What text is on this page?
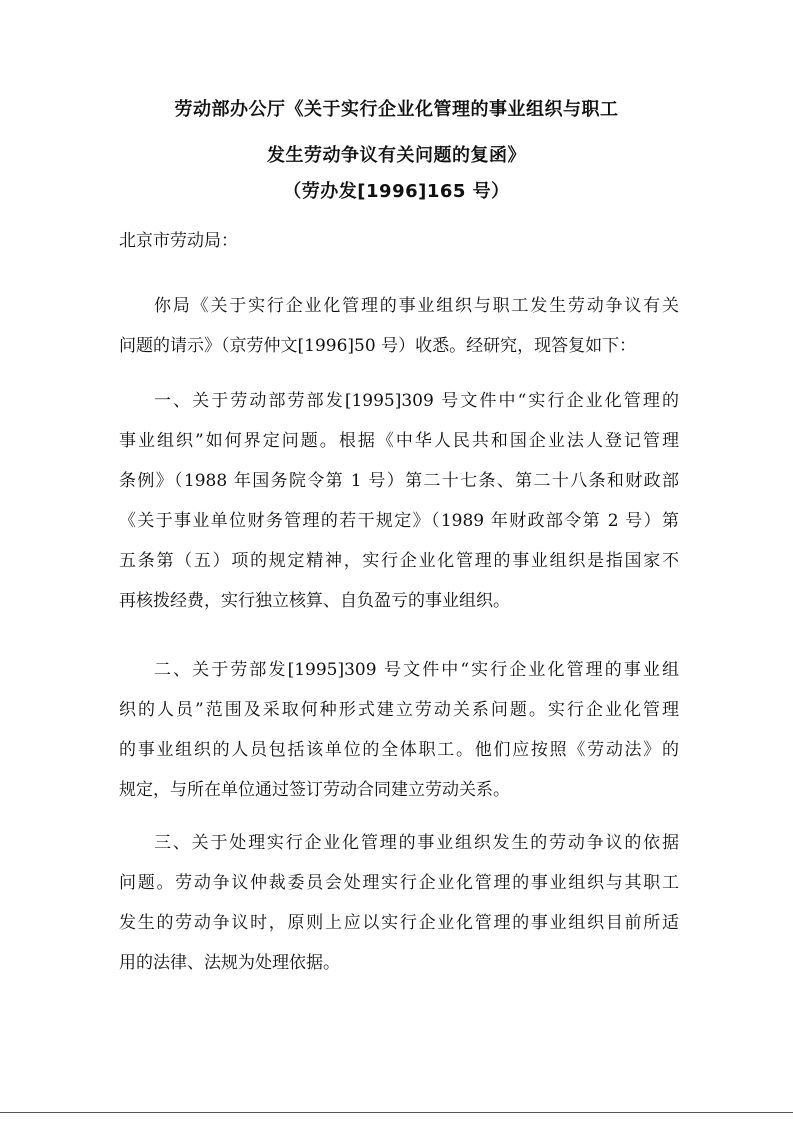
劳动部办公厅《关于实行企业化管理的事业组织与职工
发生劳动争议有关问题的复函》
（劳办发[1996]165 号）
北京市劳动局：
你局《关于实行企业化管理的事业组织与职工发生劳动争议有关
问题的请示》（京劳仲文[1996]50 号）收悉。经研究，现答复如下：
一、关于劳动部劳部发[1995]309 号文件中“实行企业化管理的
事业组织”如何界定问题。根据《中华人民共和国企业法人登记管理
条例》（1988 年国务院令第 1 号）第二十七条、第二十八条和财政部
《关于事业单位财务管理的若干规定》（1989 年财政部令第 2 号）第
五条第（五）项的规定精神，实行企业化管理的事业组织是指国家不
再核拨经费，实行独立核算、自负盈亏的事业组织。
二、关于劳部发[1995]309 号文件中“实行企业化管理的事业组
织的人员”范围及采取何种形式建立劳动关系问题。实行企业化管理
的事业组织的人员包括该单位的全体职工。他们应按照《劳动法》的
规定，与所在单位通过签订劳动合同建立劳动关系。
三、关于处理实行企业化管理的事业组织发生的劳动争议的依据
问题。劳动争议仲裁委员会处理实行企业化管理的事业组织与其职工
发生的劳动争议时，原则上应以实行企业化管理的事业组织目前所适
用的法律、法规为处理依据。
